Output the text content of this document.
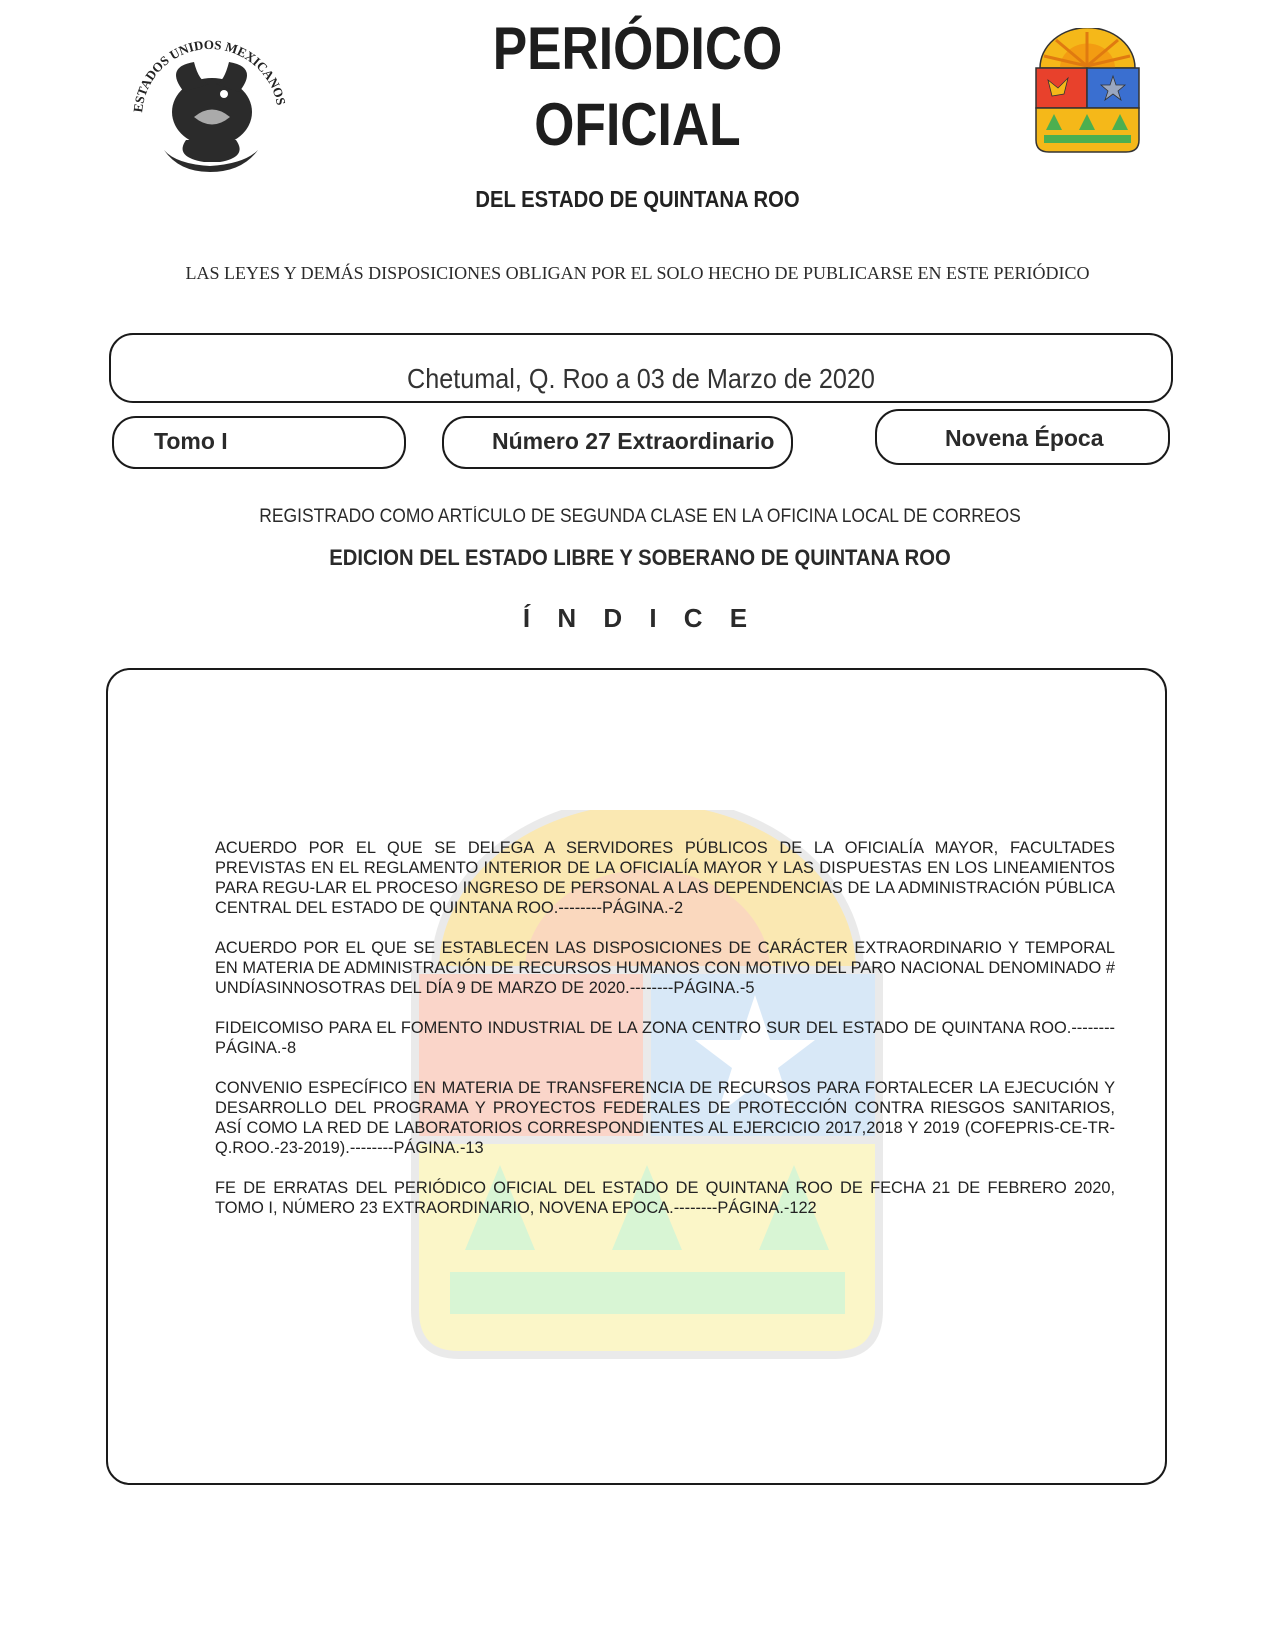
ESTADOS UNIDOS MEXICANOS
PERIÓDICO
OFICIAL
DEL ESTADO DE QUINTANA ROO
LAS LEYES Y DEMÁS DISPOSICIONES OBLIGAN POR EL SOLO HECHO DE PUBLICARSE EN ESTE PERIÓDICO
Chetumal, Q. Roo a 03 de Marzo de 2020
Tomo I	Número 27 Extraordinario	Novena Época
REGISTRADO COMO ARTÍCULO DE SEGUNDA CLASE EN LA OFICINA LOCAL DE CORREOS
EDICION DEL ESTADO LIBRE Y SOBERANO DE QUINTANA ROO
Í N D I C E

ACUERDO POR EL QUE SE DELEGA A SERVIDORES PÚBLICOS DE LA OFICIALÍA MAYOR, FACULTADES PREVISTAS EN EL REGLAMENTO INTERIOR DE LA OFICIALÍA MAYOR Y LAS DISPUESTAS EN LOS LINEAMIENTOS PARA REGU-LAR EL PROCESO INGRESO DE PERSONAL A LAS DEPENDENCIAS DE LA ADMINISTRACIÓN PÚBLICA CENTRAL DEL ESTADO DE QUINTANA ROO.--------PÁGINA.-2

ACUERDO POR EL QUE SE ESTABLECEN LAS DISPOSICIONES DE CARÁCTER EXTRAORDINARIO Y TEMPORAL EN MATERIA DE ADMINISTRACIÓN DE RECURSOS HUMANOS CON MOTIVO DEL PARO NACIONAL DENOMINADO # UNDÍASINNOSOTRAS DEL DÍA 9 DE MARZO DE 2020.--------PÁGINA.-5

FIDEICOMISO PARA EL FOMENTO INDUSTRIAL DE LA ZONA CENTRO SUR DEL ESTADO DE QUINTANA ROO.--------PÁGINA.-8

CONVENIO ESPECÍFICO EN MATERIA DE TRANSFERENCIA DE RECURSOS PARA FORTALECER LA EJECUCIÓN Y DESARROLLO DEL PROGRAMA Y PROYECTOS FEDERALES DE PROTECCIÓN CONTRA RIESGOS SANITARIOS, ASÍ COMO LA RED DE LABORATORIOS CORRESPONDIENTES AL EJERCICIO 2017,2018 Y 2019 (COFEPRIS-CE-TR-Q.ROO.-23-2019).--------PÁGINA.-13

FE DE ERRATAS DEL PERIÓDICO OFICIAL DEL ESTADO DE QUINTANA ROO DE FECHA 21 DE FEBRERO 2020, TOMO I, NÚMERO 23 EXTRAORDINARIO, NOVENA EPOCA.--------PÁGINA.-122
